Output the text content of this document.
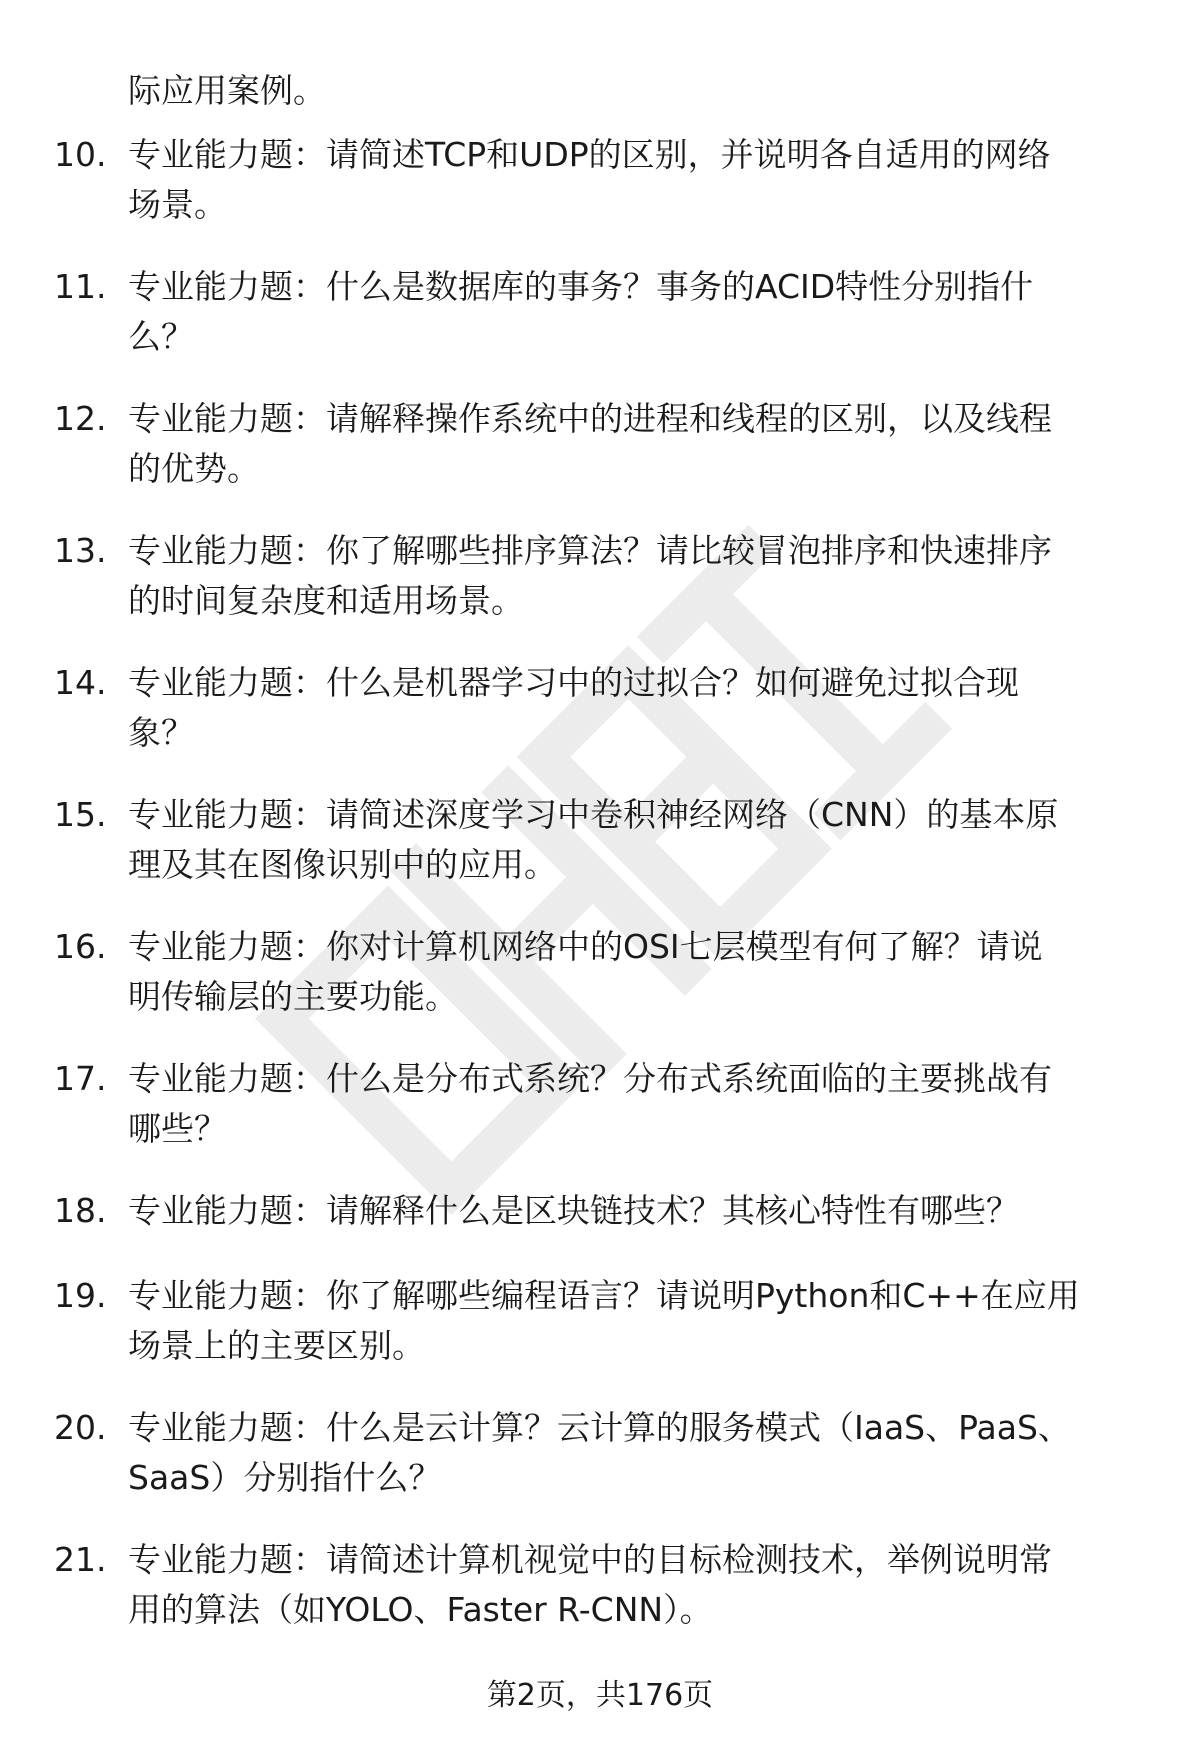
际应用案例。
10. 专业能力题：请简述TCP和UDP的区别，并说明各自适用的网络
场景。
11. 专业能力题：什么是数据库的事务？事务的ACID特性分别指什
么？
12. 专业能力题：请解释操作系统中的进程和线程的区别，以及线程
的优势。
13. 专业能力题：你了解哪些排序算法？请比较冒泡排序和快速排序
的时间复杂度和适用场景。
14. 专业能力题：什么是机器学习中的过拟合？如何避免过拟合现
象？
15. 专业能力题：请简述深度学习中卷积神经网络（CNN）的基本原
理及其在图像识别中的应用。
16. 专业能力题：你对计算机网络中的OSI七层模型有何了解？请说
明传输层的主要功能。
17. 专业能力题：什么是分布式系统？分布式系统面临的主要挑战有
哪些？
18. 专业能力题：请解释什么是区块链技术？其核心特性有哪些？
19. 专业能力题：你了解哪些编程语言？请说明Python和C++在应用
场景上的主要区别。
20. 专业能力题：什么是云计算？云计算的服务模式（IaaS、PaaS、
SaaS）分别指什么？
21. 专业能力题：请简述计算机视觉中的目标检测技术，举例说明常
用的算法（如YOLO、Faster R-CNN）。
第2页，共176页
